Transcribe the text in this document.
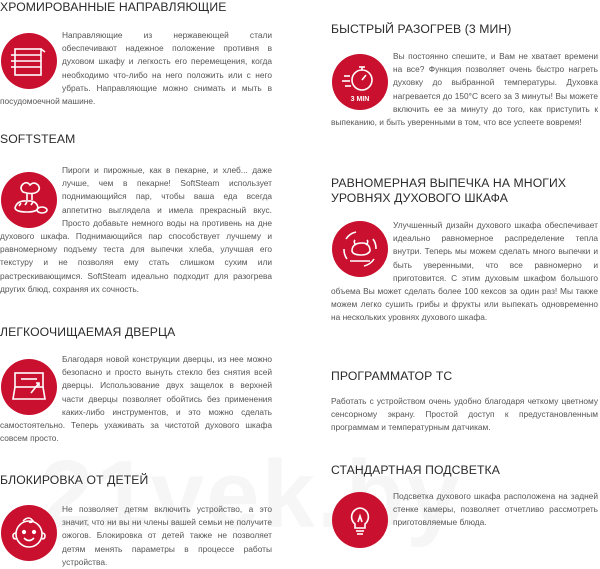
ХРОМИРОВАННЫЕ НАПРАВЛЯЮЩИЕ
Направляющие из нержавеющей стали обеспечивают надежное положение противня в духовом шкафу и легкость его перемещения, когда необходимо что-либо на него положить или с него убрать. Направляющие можно снимать и мыть в посудомоечной машине.
SOFTSTEAM
Пироги и пирожные, как в пекарне, и хлеб... даже лучше, чем в пекарне! SoftSteam использует поднимающийся пар, чтобы ваша еда всегда аппетитно выглядела и имела прекрасный вкус. Просто добавьте немного воды на противень на дне духового шкафа. Поднимающийся пар способствует лучшему и равномерному подъему теста для выпечки хлеба, улучшая его текстуру и не позволяя ему стать слишком сухим или растрескивающимся. SoftSteam идеально подходит для разогрева других блюд, сохраняя их сочность.
ЛЕГКООЧИЩАЕМАЯ ДВЕРЦА
Благодаря новой конструкции дверцы, из нее можно безопасно и просто вынуть стекло без снятия всей дверцы. Использование двух защелок в верхней части дверцы позволяет обойтись без применения каких-либо инструментов, и это можно сделать самостоятельно. Теперь ухаживать за чистотой духового шкафа совсем просто.
БЛОКИРОВКА ОТ ДЕТЕЙ
Не позволяет детям включить устройство, а это значит, что ни вы ни члены вашей семьи не получите ожогов. Блокировка от детей также не позволяет детям менять параметры в процессе работы устройства.
БЫСТРЫЙ РАЗОГРЕВ (3 МИН)
3 MIN
Вы постоянно спешите, и Вам не хватает времени на все? Функция позволяет очень быстро нагреть духовку до выбранной температуры. Духовка нагревается до 150°C всего за 3 минуты! Вы можете включить ее за минуту до того, как приступить к выпеканию, и быть уверенными в том, что все успеете вовремя!
РАВНОМЕРНАЯ ВЫПЕЧКА НА МНОГИХ УРОВНЯХ ДУХОВОГО ШКАФА
Улучшенный дизайн духового шкафа обеспечивает идеально равномерное распределение тепла внутри. Теперь мы можем сделать много выпечки и быть уверенными, что все равномерно и приготовится. С этим духовым шкафом большого объема Вы может сделать более 100 кексов за один раз! Мы также можем легко сушить грибы и фрукты или выпекать одновременно на нескольких уровнях духового шкафа.
ПРОГРАММАТОР ТС
Работать с устройством очень удобно благодаря четкому цветному сенсорному экрану. Простой доступ к предустановленным программам и температурным датчикам.
СТАНДАРТНАЯ ПОДСВЕТКА
Подсветка духового шкафа расположена на задней стенке камеры, позволяет отчетливо рассмотреть приготовляемые блюда.
